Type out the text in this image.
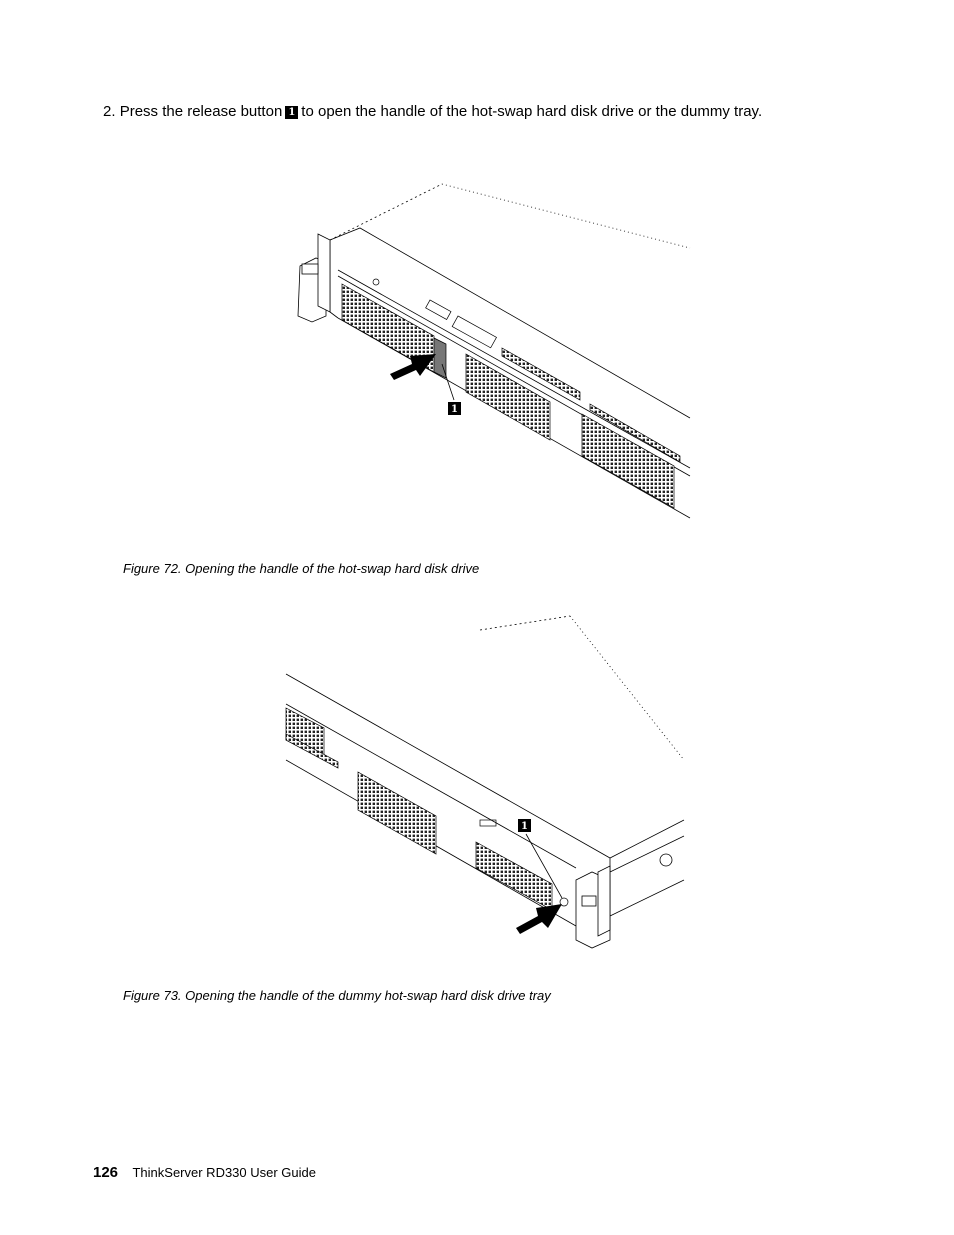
2. Press the release button 1 to open the handle of the hot-swap hard disk drive or the dummy tray.
1
Figure 72. Opening the handle of the hot-swap hard disk drive
1
Figure 73. Opening the handle of the dummy hot-swap hard disk drive tray
126 ThinkServer RD330 User Guide
